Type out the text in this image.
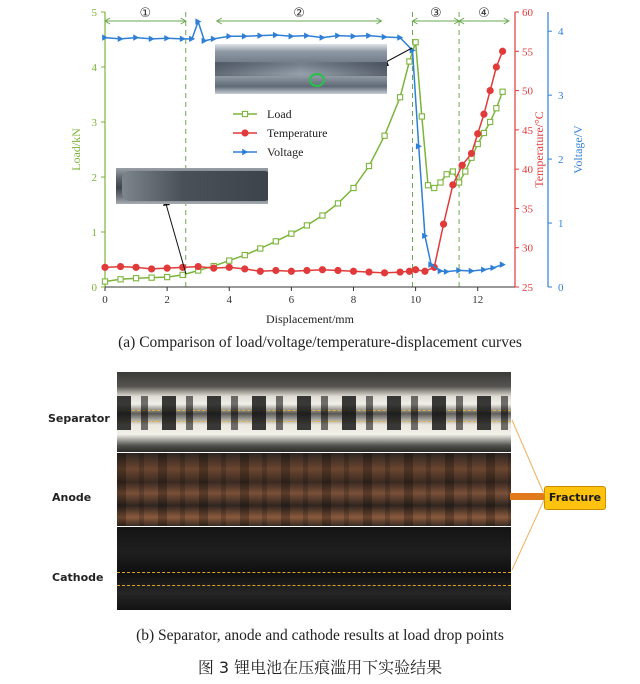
①	②	③	④
0	2	4	6	8	10	12
Displacement/mm
0
1
2
3
4
5
Load/kN
25
30
35
40
45
50
55
60
Temperature/°C
0
1
2
3
4
Voltage/V
Load
Temperature
Voltage
(a) Comparison of load/voltage/temperature-displacement curves
Separator
Anode
Cathode
Fracture
(b) Separator, anode and cathode results at load drop points
图 3 锂电池在压痕滥用下实验结果
